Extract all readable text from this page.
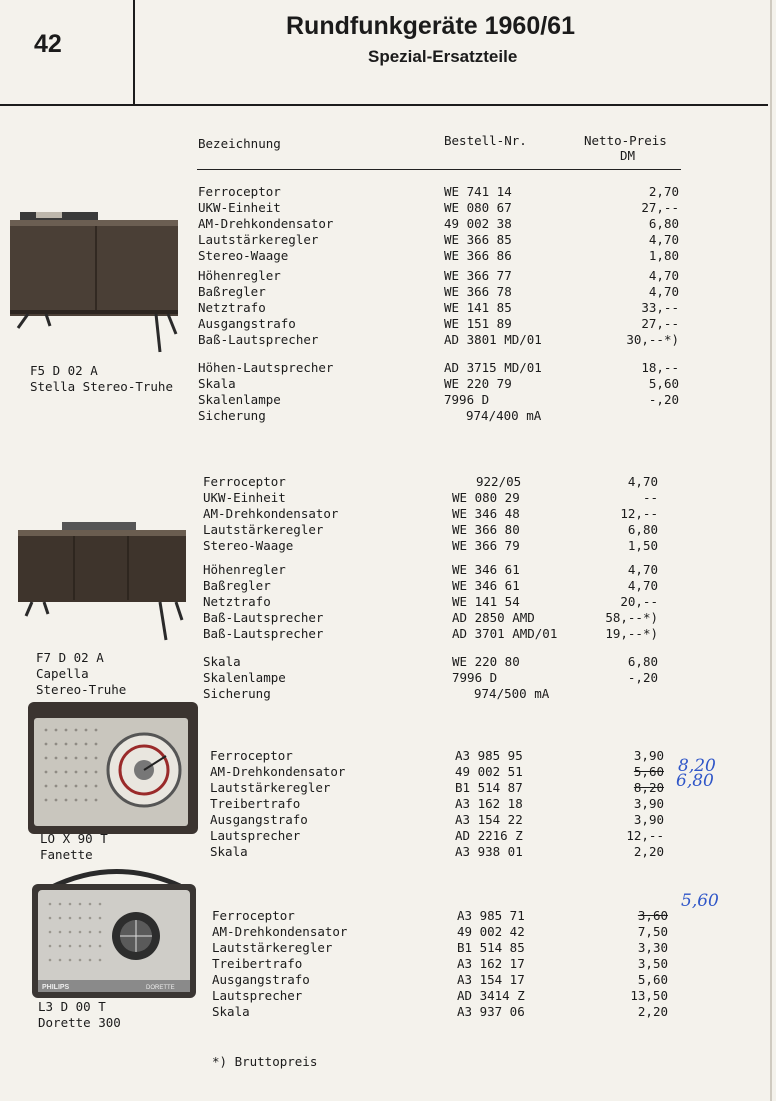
42
Rundfunkgeräte 1960/61
Spezial-Ersatzteile
Bezeichnung	Bestell-Nr.	Netto-Preis
DM
PHILIPS	DORETTE
F5 D 02 A
Stella Stereo-Truhe
F7 D 02 A
Capella
Stereo-Truhe
LO X 90 T
Fanette
L3 D 00 T
Dorette 300
Ferroceptor	WE 741 14	2,70
UKW-Einheit	WE 080 67	27,--
AM-Drehkondensator	49 002 38	6,80
Lautstärkeregler	WE 366 85	4,70
Stereo-Waage	WE 366 86	1,80
Höhenregler	WE 366 77	4,70
Baßregler	WE 366 78	4,70
Netztrafo	WE 141 85	33,--
Ausgangstrafo	WE 151 89	27,--
Baß-Lautsprecher	AD 3801 MD/01	30,--*)
Höhen-Lautsprecher	AD 3715 MD/01	18,--
Skala	WE 220 79	5,60
Skalenlampe	7996 D	-,20
Sicherung	974/400 mA
Ferroceptor	922/05	4,70
UKW-Einheit	WE 080 29	--
AM-Drehkondensator	WE 346 48	12,--
Lautstärkeregler	WE 366 80	6,80
Stereo-Waage	WE 366 79	1,50
Höhenregler	WE 346 61	4,70
Baßregler	WE 346 61	4,70
Netztrafo	WE 141 54	20,--
Baß-Lautsprecher	AD 2850 AMD	58,--*)
Baß-Lautsprecher	AD 3701 AMD/01	19,--*)
Skala	WE 220 80	6,80
Skalenlampe	7996 D	-,20
Sicherung	974/500 mA
Ferroceptor	A3 985 95	3,90
AM-Drehkondensator	49 002 51	5,60
Lautstärkeregler	B1 514 87	8,20
Treibertrafo	A3 162 18	3,90
Ausgangstrafo	A3 154 22	3,90
Lautsprecher	AD 2216 Z	12,--
Skala	A3 938 01	2,20
Ferroceptor	A3 985 71	3,60
AM-Drehkondensator	49 002 42	7,50
Lautstärkeregler	B1 514 85	3,30
Treibertrafo	A3 162 17	3,50
Ausgangstrafo	A3 154 17	5,60
Lautsprecher	AD 3414 Z	13,50
Skala	A3 937 06	2,20
8,20
6,80
5,60
*) Bruttopreis
